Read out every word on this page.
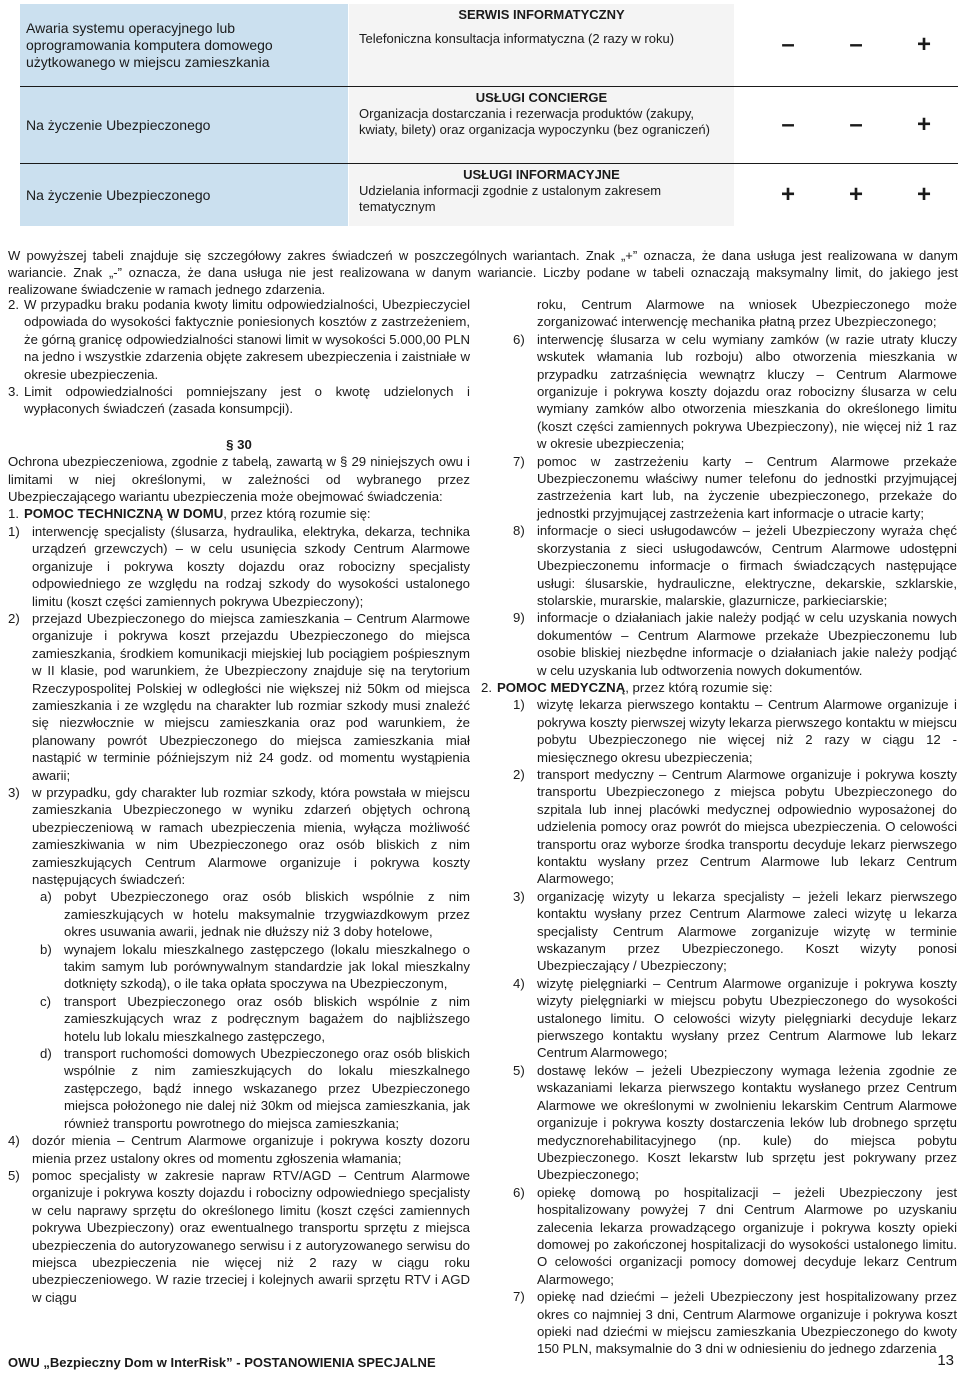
Awaria systemu operacyjnego lub oprogramowania komputera domowego użytkowanego w miejscu zamieszkania
SERWIS INFORMATYCZNY
Telefoniczna konsultacja informatyczna (2 razy w roku)	–	–	+
Na życzenie Ubezpieczonego
USŁUGI CONCIERGE
Organizacja dostarczania i rezerwacja produktów (zakupy, kwiaty, bilety) oraz organizacja wypoczynku (bez ograniczeń)	–	–	+
Na życzenie Ubezpieczonego
USŁUGI INFORMACYJNE
Udzielania informacji zgodnie z ustalonym zakresem tematycznym	+	+	+

W powyższej tabeli znajduje się szczegółowy zakres świadczeń w poszczególnych wariantach. Znak „+” oznacza, że dana usługa jest realizowana w danym wariancie. Znak „-” oznacza, że dana usługa nie jest realizowana w danym wariancie. Liczby podane w tabeli oznaczają maksymalny limit, do jakiego jest realizowane świadczenie w ramach jednego zdarzenia.

2. W przypadku braku podania kwoty limitu odpowiedzialności, Ubezpieczyciel odpowiada do wysokości faktycznie poniesionych kosztów z zastrzeżeniem, że górną granicę odpowiedzialności stanowi limit w wysokości 5.000,00 PLN na jedno i wszystkie zdarzenia objęte zakresem ubezpieczenia i zaistniałe w okresie ubezpieczenia.
3. Limit odpowiedzialności pomniejszany jest o kwotę udzielonych i wypłaconych świadczeń (zasada konsumpcji).

§ 30

Ochrona ubezpieczeniowa, zgodnie z tabelą, zawartą w § 29 niniejszych owu i limitami w niej określonymi, w zależności od wybranego przez Ubezpieczającego wariantu ubezpieczenia może obejmować świadczenia:

1. POMOC TECHNICZNĄ W DOMU, przez którą rozumie się:
1) interwencję specjalisty (ślusarza, hydraulika, elektryka, dekarza, technika urządzeń grzewczych) – w celu usunięcia szkody Centrum Alarmowe organizuje i pokrywa koszty dojazdu oraz robocizny specjalisty odpowiedniego ze względu na rodzaj szkody do wysokości ustalonego limitu (koszt części zamiennych pokrywa Ubezpieczony);
2) przejazd Ubezpieczonego do miejsca zamieszkania – Centrum Alarmowe organizuje i pokrywa koszt przejazdu Ubezpieczonego do miejsca zamieszkania, środkiem komunikacji miejskiej lub pociągiem pośpiesznym w II klasie, pod warunkiem, że Ubezpieczony znajduje się na terytorium Rzeczypospolitej Polskiej w odległości nie większej niż 50km od miejsca zamieszkania i ze względu na charakter lub rozmiar szkody musi znaleźć się niezwłocznie w miejscu zamieszkania oraz pod warunkiem, że planowany powrót Ubezpieczonego do miejsca zamieszkania miał nastąpić w terminie późniejszym niż 24 godz. od momentu wystąpienia awarii;
3) w przypadku, gdy charakter lub rozmiar szkody, która powstała w miejscu zamieszkania Ubezpieczonego w wyniku zdarzeń objętych ochroną ubezpieczeniową w ramach ubezpieczenia mienia, wyłącza możliwość zamieszkiwania w nim Ubezpieczonego oraz osób bliskich z nim zamieszkujących Centrum Alarmowe organizuje i pokrywa koszty następujących świadczeń:
a) pobyt Ubezpieczonego oraz osób bliskich wspólnie z nim zamieszkujących w hotelu maksymalnie trzygwiazdkowym przez okres usuwania awarii, jednak nie dłuższy niż 3 doby hotelowe,
b) wynajem lokalu mieszkalnego zastępczego (lokalu mieszkalnego o takim samym lub porównywalnym standardzie jak lokal mieszkalny dotknięty szkodą), o ile taka opłata spoczywa na Ubezpieczonym,
c) transport Ubezpieczonego oraz osób bliskich wspólnie z nim zamieszkujących wraz z podręcznym bagażem do najbliższego hotelu lub lokalu mieszkalnego zastępczego,
d) transport ruchomości domowych Ubezpieczonego oraz osób bliskich wspólnie z nim zamieszkujących do lokalu mieszkalnego zastępczego, bądź innego wskazanego przez Ubezpieczonego miejsca położonego nie dalej niż 30km od miejsca zamieszkania, jak również transportu powrotnego do miejsca zamieszkania;
4) dozór mienia – Centrum Alarmowe organizuje i pokrywa koszty dozoru mienia przez ustalony okres od momentu zgłoszenia włamania;
5) pomoc specjalisty w zakresie napraw RTV/AGD – Centrum Alarmowe organizuje i pokrywa koszty dojazdu i robocizny odpowiedniego specjalisty w celu naprawy sprzętu do określonego limitu (koszt części zamiennych pokrywa Ubezpieczony) oraz ewentualnego transportu sprzętu z miejsca ubezpieczenia do autoryzowanego serwisu i z autoryzowanego serwisu do miejsca ubezpieczenia nie więcej niż 2 razy w ciągu roku ubezpieczeniowego. W razie trzeciej i kolejnych awarii sprzętu RTV i AGD w ciągu
roku, Centrum Alarmowe na wniosek Ubezpieczonego może zorganizować interwencję mechanika płatną przez Ubezpieczonego;
6) interwencję ślusarza w celu wymiany zamków (w razie utraty kluczy wskutek włamania lub rozboju) albo otworzenia mieszkania w przypadku zatrzaśnięcia wewnątrz kluczy – Centrum Alarmowe organizuje i pokrywa koszty dojazdu oraz robocizny ślusarza w celu wymiany zamków albo otworzenia mieszkania do określonego limitu (koszt części zamiennych pokrywa Ubezpieczony), nie więcej niż 1 raz w okresie ubezpieczenia;
7) pomoc w zastrzeżeniu karty – Centrum Alarmowe przekaże Ubezpieczonemu właściwy numer telefonu do jednostki przyjmującej zastrzeżenia kart lub, na życzenie ubezpieczonego, przekaże do jednostki przyjmującej zastrzeżenia kart informacje o utracie karty;
8) informacje o sieci usługodawców – jeżeli Ubezpieczony wyraża chęć skorzystania z sieci usługodawców, Centrum Alarmowe udostępni Ubezpieczonemu informacje o firmach świadczących następujące usługi: ślusarskie, hydrauliczne, elektryczne, dekarskie, szklarskie, stolarskie, murarskie, malarskie, glazurnicze, parkieciarskie;
9) informacje o działaniach jakie należy podjąć w celu uzyskania nowych dokumentów – Centrum Alarmowe przekaże Ubezpieczonemu lub osobie bliskiej niezbędne informacje o działaniach jakie należy podjąć w celu uzyskania lub odtworzenia nowych dokumentów.
2. POMOC MEDYCZNĄ, przez którą rozumie się:
1) wizytę lekarza pierwszego kontaktu – Centrum Alarmowe organizuje i pokrywa koszty pierwszej wizyty lekarza pierwszego kontaktu w miejscu pobytu Ubezpieczonego nie więcej niż 2 razy w ciągu 12 - miesięcznego okresu ubezpieczenia;
2) transport medyczny – Centrum Alarmowe organizuje i pokrywa koszty transportu Ubezpieczonego z miejsca pobytu Ubezpieczonego do szpitala lub innej placówki medycznej odpowiednio wyposażonej do udzielenia pomocy oraz powrót do miejsca ubezpieczenia. O celowości transportu oraz wyborze środka transportu decyduje lekarz pierwszego kontaktu wysłany przez Centrum Alarmowe lub lekarz Centrum Alarmowego;
3) organizację wizyty u lekarza specjalisty – jeżeli lekarz pierwszego kontaktu wysłany przez Centrum Alarmowe zaleci wizytę u lekarza specjalisty Centrum Alarmowe zorganizuje wizytę w terminie wskazanym przez Ubezpieczonego. Koszt wizyty ponosi Ubezpieczający / Ubezpieczony;
4) wizytę pielęgniarki – Centrum Alarmowe organizuje i pokrywa koszty wizyty pielęgniarki w miejscu pobytu Ubezpieczonego do wysokości ustalonego limitu. O celowości wizyty pielęgniarki decyduje lekarz pierwszego kontaktu wysłany przez Centrum Alarmowe lub lekarz Centrum Alarmowego;
5) dostawę leków – jeżeli Ubezpieczony wymaga leżenia zgodnie ze wskazaniami lekarza pierwszego kontaktu wysłanego przez Centrum Alarmowe we określonymi w zwolnieniu lekarskim Centrum Alarmowe organizuje i pokrywa koszty dostarczenia leków lub drobnego sprzętu medycznorehabilitacyjnego (np. kule) do miejsca pobytu Ubezpieczonego. Koszt lekarstw lub sprzętu jest pokrywany przez Ubezpieczonego;
6) opiekę domową po hospitalizacji – jeżeli Ubezpieczony jest hospitalizowany powyżej 7 dni Centrum Alarmowe po uzyskaniu zalecenia lekarza prowadzącego organizuje i pokrywa koszty opieki domowej po zakończonej hospitalizacji do wysokości ustalonego limitu. O celowości organizacji pomocy domowej decyduje lekarz Centrum Alarmowego;
7) opiekę nad dziećmi – jeżeli Ubezpieczony jest hospitalizowany przez okres co najmniej 3 dni, Centrum Alarmowe organizuje i pokrywa koszt opieki nad dziećmi w miejscu zamieszkania Ubezpieczonego do kwoty 150 PLN, maksymalnie do 3 dni w odniesieniu do jednego zdarzenia
OWU „Bezpieczny Dom w InterRisk” - POSTANOWIENIA SPECJALNE	13
